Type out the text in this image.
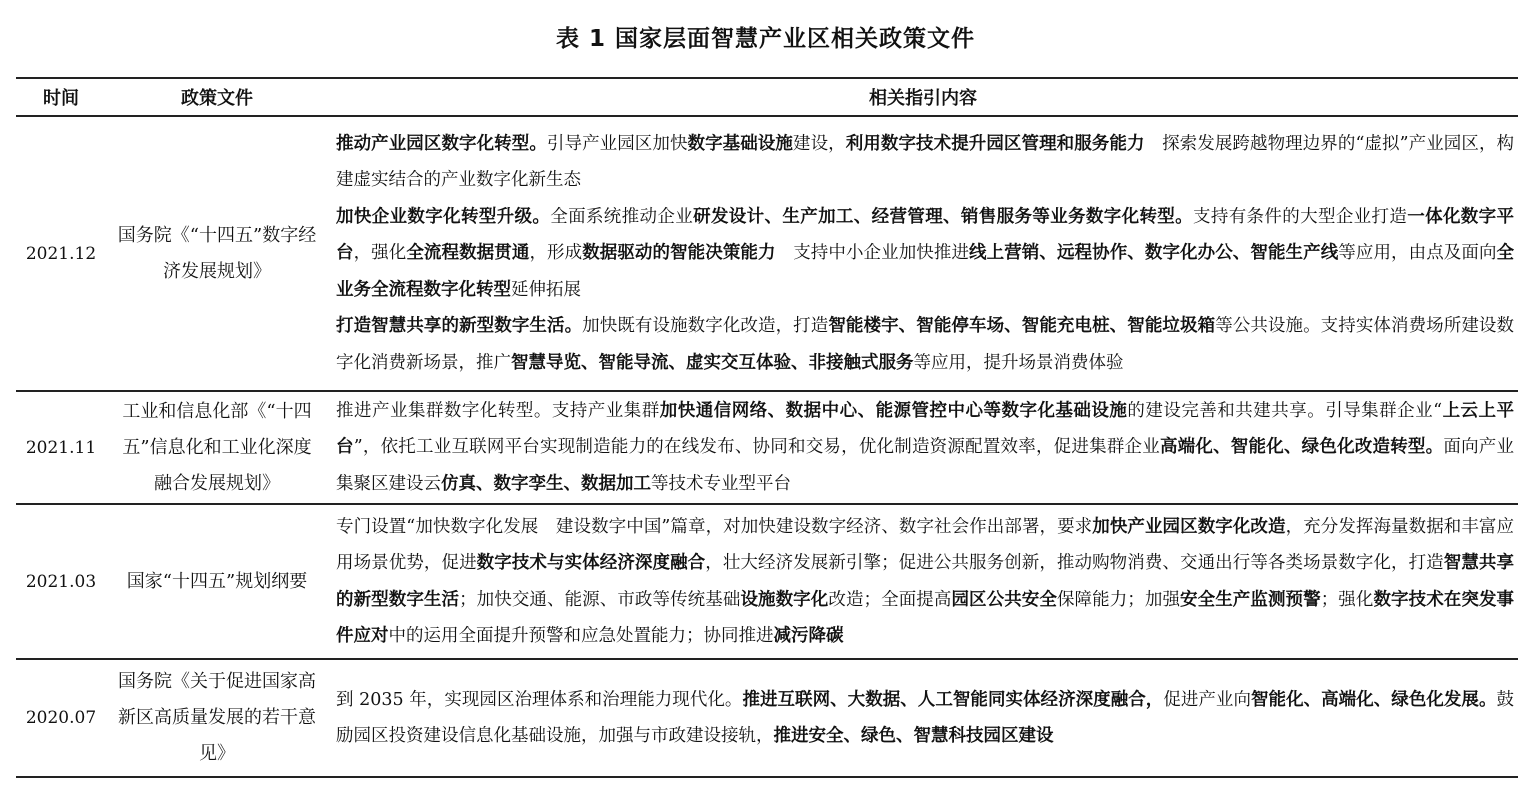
表 1 国家层面智慧产业区相关政策文件
时间	政策文件	相关指引内容
2021.12	国务院《“十四五”数字经济发展规划》	推动产业园区数字化转型。引导产业园区加快数字基础设施建设，利用数字技术提升园区管理和服务能力　探索发展跨越物理边界的“虚拟”产业园区，构建虚实结合的产业数字化新生态
加快企业数字化转型升级。全面系统推动企业研发设计、生产加工、经营管理、销售服务等业务数字化转型。支持有条件的大型企业打造一体化数字平台，强化全流程数据贯通，形成数据驱动的智能决策能力　支持中小企业加快推进线上营销、远程协作、数字化办公、智能生产线等应用，由点及面向全业务全流程数字化转型延伸拓展
打造智慧共享的新型数字生活。加快既有设施数字化改造，打造智能楼宇、智能停车场、智能充电桩、智能垃圾箱等公共设施。支持实体消费场所建设数字化消费新场景，推广智慧导览、智能导流、虚实交互体验、非接触式服务等应用，提升场景消费体验

2021.11	工业和信息化部《“十四五”信息化和工业化深度融合发展规划》	推进产业集群数字化转型。支持产业集群加快通信网络、数据中心、能源管控中心等数字化基础设施的建设完善和共建共享。引导集群企业“上云上平台”，依托工业互联网平台实现制造能力的在线发布、协同和交易，优化制造资源配置效率，促进集群企业高端化、智能化、绿色化改造转型。面向产业集聚区建设云仿真、数字孪生、数据加工等技术专业型平台

2021.03	国家“十四五”规划纲要	专门设置“加快数字化发展　建设数字中国”篇章，对加快建设数字经济、数字社会作出部署，要求加快产业园区数字化改造，充分发挥海量数据和丰富应用场景优势，促进数字技术与实体经济深度融合，壮大经济发展新引擎；促进公共服务创新，推动购物消费、交通出行等各类场景数字化，打造智慧共享的新型数字生活；加快交通、能源、市政等传统基础设施数字化改造；全面提高园区公共安全保障能力；加强安全生产监测预警；强化数字技术在突发事件应对中的运用全面提升预警和应急处置能力；协同推进减污降碳

2020.07	国务院《关于促进国家高新区高质量发展的若干意见》	到 2035 年，实现园区治理体系和治理能力现代化。推进互联网、大数据、人工智能同实体经济深度融合，促进产业向智能化、高端化、绿色化发展。鼓励园区投资建设信息化基础设施，加强与市政建设接轨，推进安全、绿色、智慧科技园区建设
